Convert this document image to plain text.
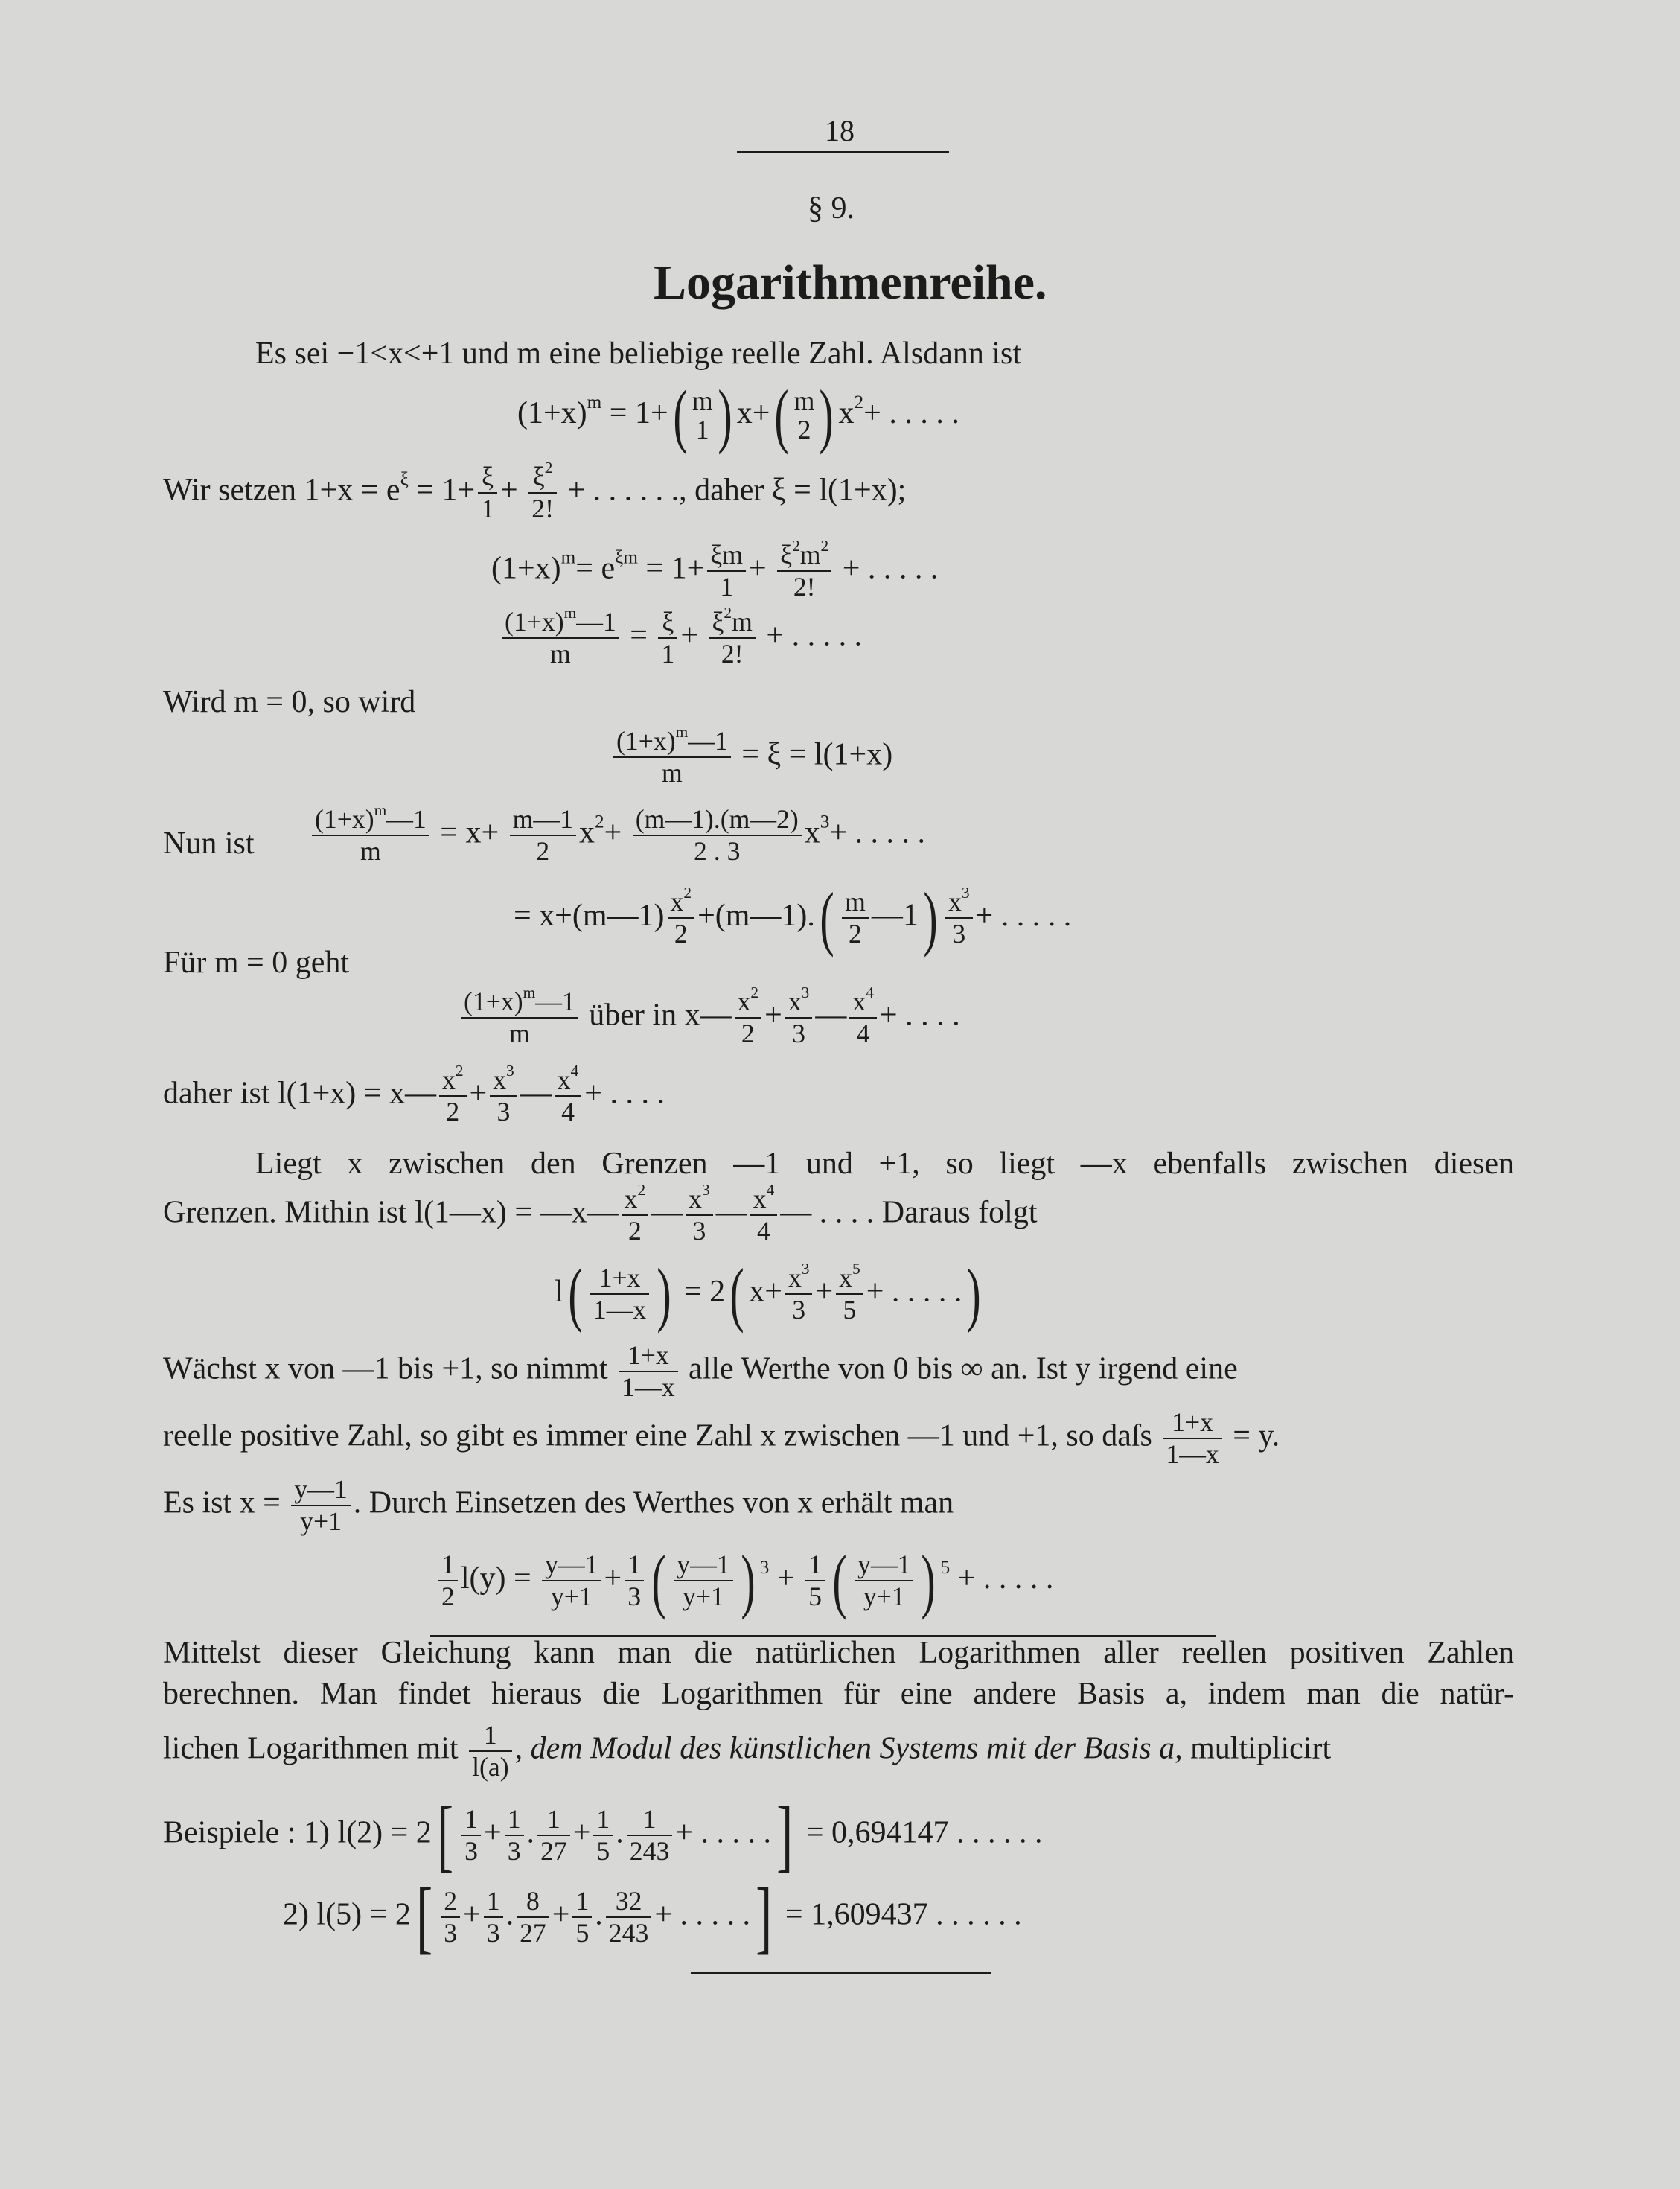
18
§ 9.
Logarithmenreihe.
Es sei −1<x<+1 und m eine beliebige reelle Zahl. Alsdann ist
$(1+x)^m = 1+$ ( m
1 ) x+ ( m
2 ) $x^2+$ . . . . .
Wir setzen $1+x = e^\xi = 1+ \frac{\xi}{1} + \frac{\xi^2}{2!}$ + . . . . . ., daher ξ = l(1+x);
$(1+x)^m= e^{\xi m} = 1+ \frac{\xi m}{1} + \frac{\xi^2m^2}{2!}$ + . . . . .
$\frac{(1+x)^m—1}{m} = \frac{\xi}{1} + \frac{\xi^2m}{2!}$ + . . . . .
Wird m = 0, so wird
$\frac{(1+x)^m—1}{m} = \xi = l(1+x)$
Nun ist $\frac{(1+x)^m—1}{m} = x+ \frac{m—1}{2} x^2+ \frac{(m—1).(m—2)}{2 . 3} x^3+$ . . . . .
= x+(m—1) $\frac{x^2}{2}$ +(m—1). ( $\frac{m}{2}$ —1 ) $\frac{x^3}{3}$ + . . . . .
Für m = 0 geht
$\frac{(1+x)^m—1}{m}$ über in x— $\frac{x^2}{2} + \frac{x^3}{3}$ — $\frac{x^4}{4}$ + . . . .
daher ist l(1+x) = x— $\frac{x^2}{2} + \frac{x^3}{3}$ — $\frac{x^4}{4}$ + . . . .
Liegt x zwischen den Grenzen —1 und +1, so liegt —x ebenfalls zwischen diesen
Grenzen. Mithin ist l(1—x) = —x— $\frac{x^2}{2}$ — $\frac{x^3}{3}$ — $\frac{x^4}{4}$ — . . . . Daraus folgt
l ( $\frac{1+x}{1—x}$ ) = 2 ( $x+ \frac{x^3}{3} + \frac{x^5}{5}$ + . . . . . )
Wächst x von —1 bis +1, so nimmt $\frac{1+x}{1—x}$ alle Werthe von 0 bis ∞ an. Ist y irgend eine
reelle positive Zahl, so gibt es immer eine Zahl x zwischen —1 und +1, so daſs $\frac{1+x}{1—x} = y$.
Es ist $x = \frac{y—1}{y+1}$ . Durch Einsetzen des Werthes von x erhält man
$\frac{1}{2} l(y) = \frac{y—1}{y+1} + \frac{1}{3}$ ( $\frac{y—1}{y+1}$ ) $^3 + \frac{1}{5}$ ( $\frac{y—1}{y+1}$ ) $^5$ + . . . . .
Mittelst dieser Gleichung kann man die natürlichen Logarithmen aller reellen positiven Zahlen
berechnen. Man findet hieraus die Logarithmen für eine andere Basis a, indem man die natür-
lichen Logarithmen mit $\frac{1}{l(a)}$ , dem Modul des künstlichen Systems mit der Basis a, multiplicirt
Beispiele : 1) l(2) = 2 [ $\frac{1}{3} + \frac{1}{3}$ . $\frac{1}{27} + \frac{1}{5}$ . $\frac{1}{243}$ + . . . . . ] = 0,694147 . . . . . .
2) l(5) = 2 [ $\frac{2}{3} + \frac{1}{3}$ . $\frac{8}{27} + \frac{1}{5}$ . $\frac{32}{243}$ + . . . . . ] = 1,609437 . . . . . .
